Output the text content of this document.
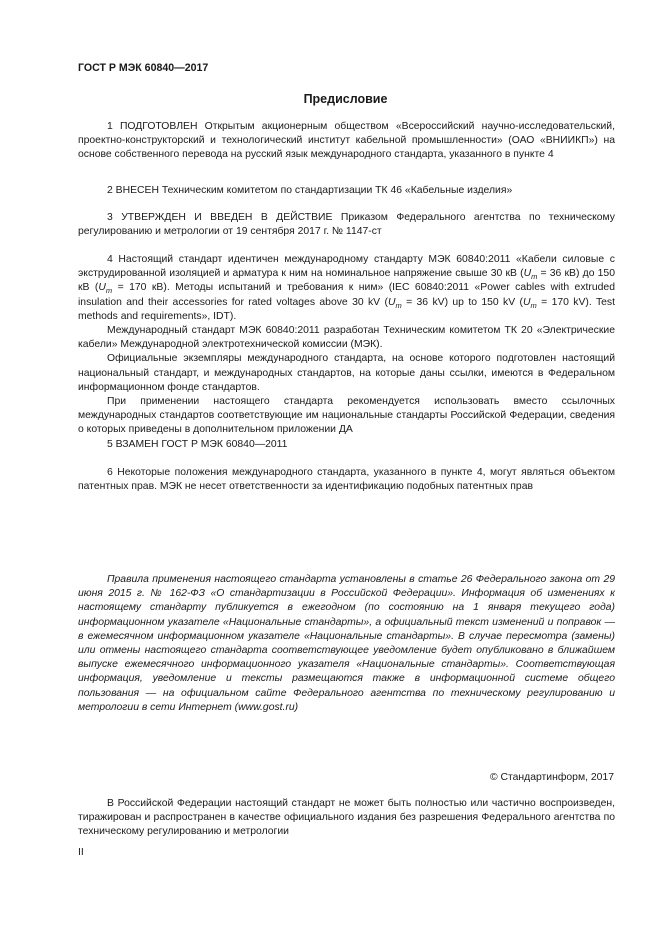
ГОСТ Р МЭК 60840—2017
Предисловие

1 ПОДГОТОВЛЕН Открытым акционерным обществом «Всероссийский научно-исследовательский, проектно-конструкторский и технологический институт кабельной промышленности» (ОАО «ВНИИКП») на основе собственного перевода на русский язык международного стандарта, указанного в пункте 4

2 ВНЕСЕН Техническим комитетом по стандартизации ТК 46 «Кабельные изделия»

3 УТВЕРЖДЕН И ВВЕДЕН В ДЕЙСТВИЕ Приказом Федерального агентства по техническому регулированию и метрологии от 19 сентября 2017 г. № 1147-ст

4 Настоящий стандарт идентичен международному стандарту МЭК 60840:2011 «Кабели силовые с экструдированной изоляцией и арматура к ним на номинальное напряжение свыше 30 кВ ($U_m = 36$ кВ) до 150 кВ ($U_m = 170$ кВ). Методы испытаний и требования к ним» (IEC 60840:2011 «Power cables with extruded insulation and their accessories for rated voltages above 30 kV ($U_m = 36$ kV) up to 150 kV ($U_m = 170$ kV). Test methods and requirements», IDT).

Международный стандарт МЭК 60840:2011 разработан Техническим комитетом ТК 20 «Электрические кабели» Международной электротехнической комиссии (МЭК).

Официальные экземпляры международного стандарта, на основе которого подготовлен настоящий национальный стандарт, и международных стандартов, на которые даны ссылки, имеются в Федеральном информационном фонде стандартов.

При применении настоящего стандарта рекомендуется использовать вместо ссылочных международных стандартов соответствующие им национальные стандарты Российской Федерации, сведения о которых приведены в дополнительном приложении ДА

5 ВЗАМЕН ГОСТ Р МЭК 60840—2011

6 Некоторые положения международного стандарта, указанного в пункте 4, могут являться объектом патентных прав. МЭК не несет ответственности за идентификацию подобных патентных прав

Правила применения настоящего стандарта установлены в статье 26 Федерального закона от 29 июня 2015 г. № 162-ФЗ «О стандартизации в Российской Федерации». Информация об изменениях к настоящему стандарту публикуется в ежегодном (по состоянию на 1 января текущего года) информационном указателе «Национальные стандарты», а официальный текст изменений и поправок — в ежемесячном информационном указателе «Национальные стандарты». В случае пересмотра (замены) или отмены настоящего стандарта соответствующее уведомление будет опубликовано в ближайшем выпуске ежемесячного информационного указателя «Национальные стандарты». Соответствующая информация, уведомление и тексты размещаются также в информационной системе общего пользования — на официальном сайте Федерального агентства по техническому регулированию и метрологии в сети Интернет (www.gost.ru)

© Стандартинформ, 2017

В Российской Федерации настоящий стандарт не может быть полностью или частично воспроизведен, тиражирован и распространен в качестве официального издания без разрешения Федерального агентства по техническому регулированию и метрологии

II
